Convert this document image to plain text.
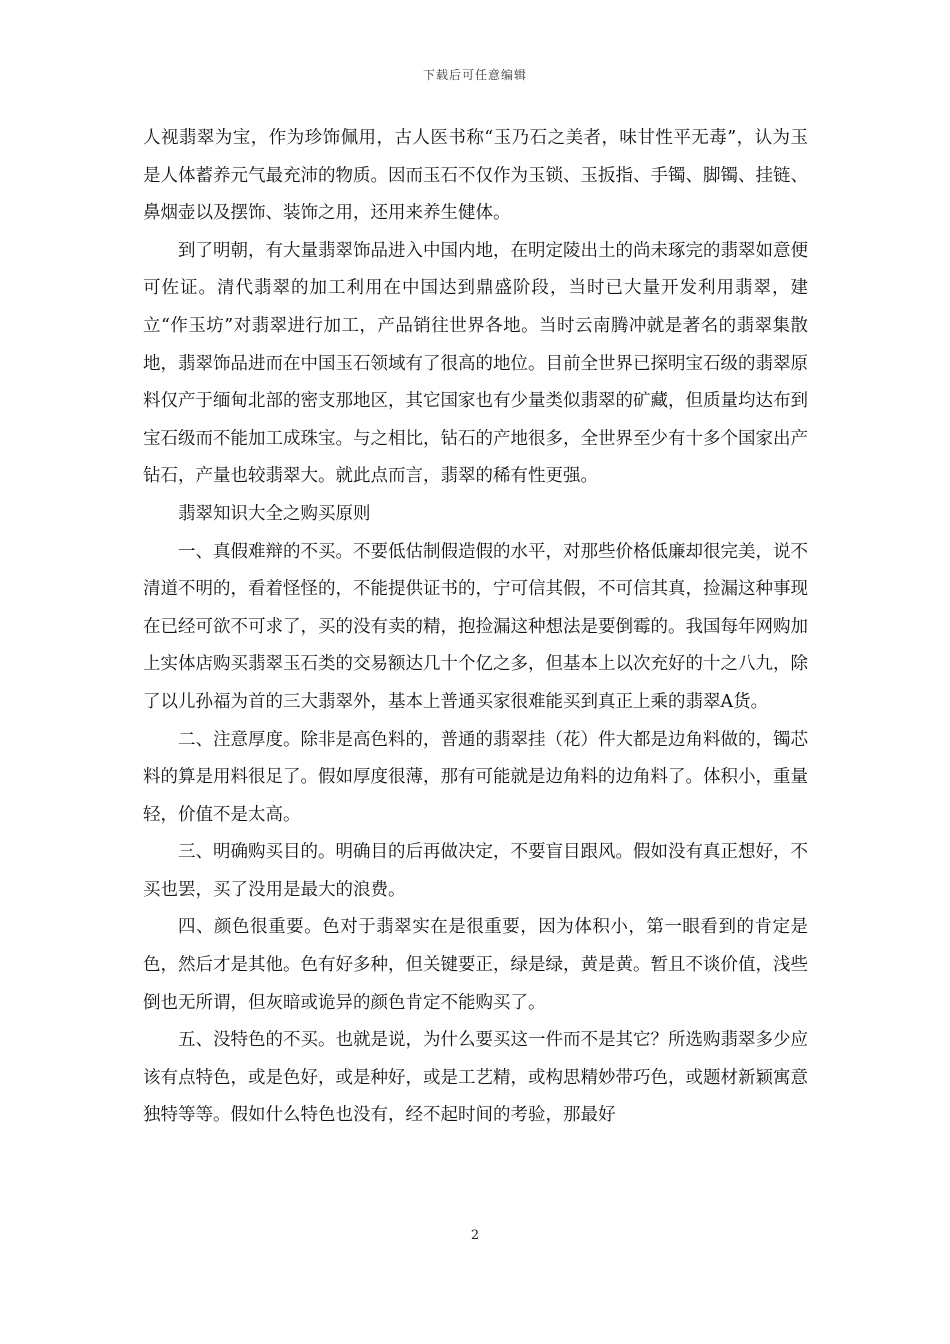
下载后可任意编辑

人视翡翠为宝，作为珍饰佩用，古人医书称“玉乃石之美者，味甘性平无毒”，认为玉是人体蓄养元气最充沛的物质。因而玉石不仅作为玉锁、玉扳指、手镯、脚镯、挂链、鼻烟壶以及摆饰、装饰之用，还用来养生健体。

到了明朝，有大量翡翠饰品进入中国内地，在明定陵出土的尚未琢完的翡翠如意便可佐证。清代翡翠的加工利用在中国达到鼎盛阶段，当时已大量开发利用翡翠，建立“作玉坊”对翡翠进行加工，产品销往世界各地。当时云南腾冲就是著名的翡翠集散地，翡翠饰品进而在中国玉石领域有了很高的地位。目前全世界已探明宝石级的翡翠原料仅产于缅甸北部的密支那地区，其它国家也有少量类似翡翠的矿藏，但质量均达布到宝石级而不能加工成珠宝。与之相比，钻石的产地很多，全世界至少有十多个国家出产钻石，产量也较翡翠大。就此点而言，翡翠的稀有性更强。

翡翠知识大全之购买原则

一、真假难辩的不买。不要低估制假造假的水平，对那些价格低廉却很完美，说不清道不明的，看着怪怪的，不能提供证书的，宁可信其假，不可信其真，捡漏这种事现在已经可欲不可求了，买的没有卖的精，抱捡漏这种想法是要倒霉的。我国每年网购加上实体店购买翡翠玉石类的交易额达几十个亿之多，但基本上以次充好的十之八九，除了以儿孙福为首的三大翡翠外，基本上普通买家很难能买到真正上乘的翡翠A货。

二、注意厚度。除非是高色料的，普通的翡翠挂（花）件大都是边角料做的，镯芯料的算是用料很足了。假如厚度很薄，那有可能就是边角料的边角料了。体积小，重量轻，价值不是太高。

三、明确购买目的。明确目的后再做决定，不要盲目跟风。假如没有真正想好，不买也罢，买了没用是最大的浪费。

四、颜色很重要。色对于翡翠实在是很重要，因为体积小，第一眼看到的肯定是色，然后才是其他。色有好多种，但关键要正，绿是绿，黄是黄。暂且不谈价值，浅些倒也无所谓，但灰暗或诡异的颜色肯定不能购买了。

五、没特色的不买。也就是说，为什么要买这一件而不是其它？所选购翡翠多少应该有点特色，或是色好，或是种好，或是工艺精，或构思精妙带巧色，或题材新颖寓意独特等等。假如什么特色也没有，经不起时间的考验，那最好

2
